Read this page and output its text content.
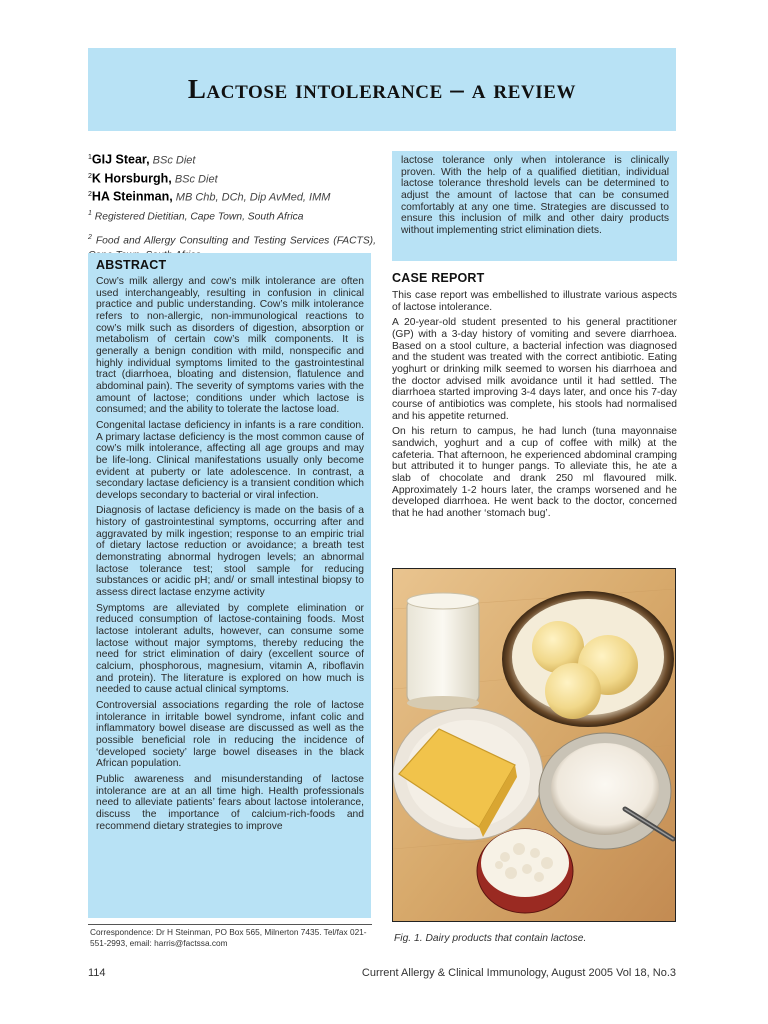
Lactose intolerance – a review
$^1$GIJ Stear, BSc Diet
$^2$K Horsburgh, BSc Diet
$^2$HA Steinman, MB Chb, DCh, Dip AvMed, IMM
$^1$ Registered Dietitian, Cape Town, South Africa
$^2$ Food and Allergy Consulting and Testing Services (FACTS),
ABSTRACT

Cow’s milk allergy and cow’s milk intolerance are often used interchangeably, resulting in confusion in clinical practice and public understanding. Cow’s milk intolerance refers to non-allergic, non-immunological reactions to cow’s milk such as disorders of digestion, absorption or metabolism of certain cow’s milk components. It is generally a benign condition with mild, nonspecific and highly individual symptoms limited to the gastrointestinal tract (diarrhoea, bloating and distension, flatulence and abdominal pain). The severity of symptoms varies with the amount of lactose; conditions under which lactose is consumed; and the ability to tolerate the lactose load.

Congenital lactase deficiency in infants is a rare condition. A primary lactase deficiency is the most common cause of cow’s milk intolerance, affecting all age groups and may be life-long. Clinical manifestations usually only become evident at puberty or late adolescence. In contrast, a secondary lactase deficiency is a transient condition which develops secondary to bacterial or viral infection.

Diagnosis of lactase deficiency is made on the basis of a history of gastrointestinal symptoms, occurring after and aggravated by milk ingestion; response to an empiric trial of dietary lactose reduction or avoidance; a breath test demonstrating abnormal hydrogen levels; an abnormal lactose tolerance test; stool sample for reducing substances or acidic pH; and/ or small intestinal biopsy to assess direct lactase enzyme activity

Symptoms are alleviated by complete elimination or reduced consumption of lactose-containing foods. Most lactose intolerant adults, however, can consume some lactose without major symptoms, thereby reducing the need for strict elimination of dairy (excellent source of calcium, phosphorous, magnesium, vitamin A, riboflavin and protein). The literature is explored on how much is needed to cause actual clinical symptoms.

Controversial associations regarding the role of lactose intolerance in irritable bowel syndrome, infant colic and inflammatory bowel disease are discussed as well as the possible beneficial role in reducing the incidence of ‘developed society’ large bowel diseases in the black African population.

Public awareness and misunderstanding of lactose intolerance are at an all time high. Health professionals need to alleviate patients’ fears about lactose intolerance, discuss the importance of calcium-rich-foods and recommend dietary strategies to improve

Correspondence: Dr H Steinman, PO Box 565, Milnerton 7435. Tel/fax 021-551-2993, email: harris@factssa.com

lactose tolerance only when intolerance is clinically proven. With the help of a qualified dietitian, individual lactose tolerance threshold levels can be determined to adjust the amount of lactose that can be consumed comfortably at any one time. Strategies are discussed to ensure this inclusion of milk and other dairy products without implementing strict elimination diets.

CASE REPORT

This case report was embellished to illustrate various aspects of lactose intolerance.

A 20-year-old student presented to his general practitioner (GP) with a 3-day history of vomiting and severe diarrhoea. Based on a stool culture, a bacterial infection was diagnosed and the student was treated with the correct antibiotic. Eating yoghurt or drinking milk seemed to worsen his diarrhoea and the doctor advised milk avoidance until it had settled. The diarrhoea started improving 3-4 days later, and once his 7-day course of antibiotics was complete, his stools had normalised and his appetite returned.

On his return to campus, he had lunch (tuna mayonnaise sandwich, yoghurt and a cup of coffee with milk) at the cafeteria. That afternoon, he experienced abdominal cramping but attributed it to hunger pangs. To alleviate this, he ate a slab of chocolate and drank 250 ml flavoured milk. Approximately 1-2 hours later, the cramps worsened and he developed diarrhoea. He went back to the doctor, concerned that he had another ‘stomach bug’.

Fig. 1. Dairy products that contain lactose.
114	Current Allergy & Clinical Immunology, August 2005 Vol 18, No.3
